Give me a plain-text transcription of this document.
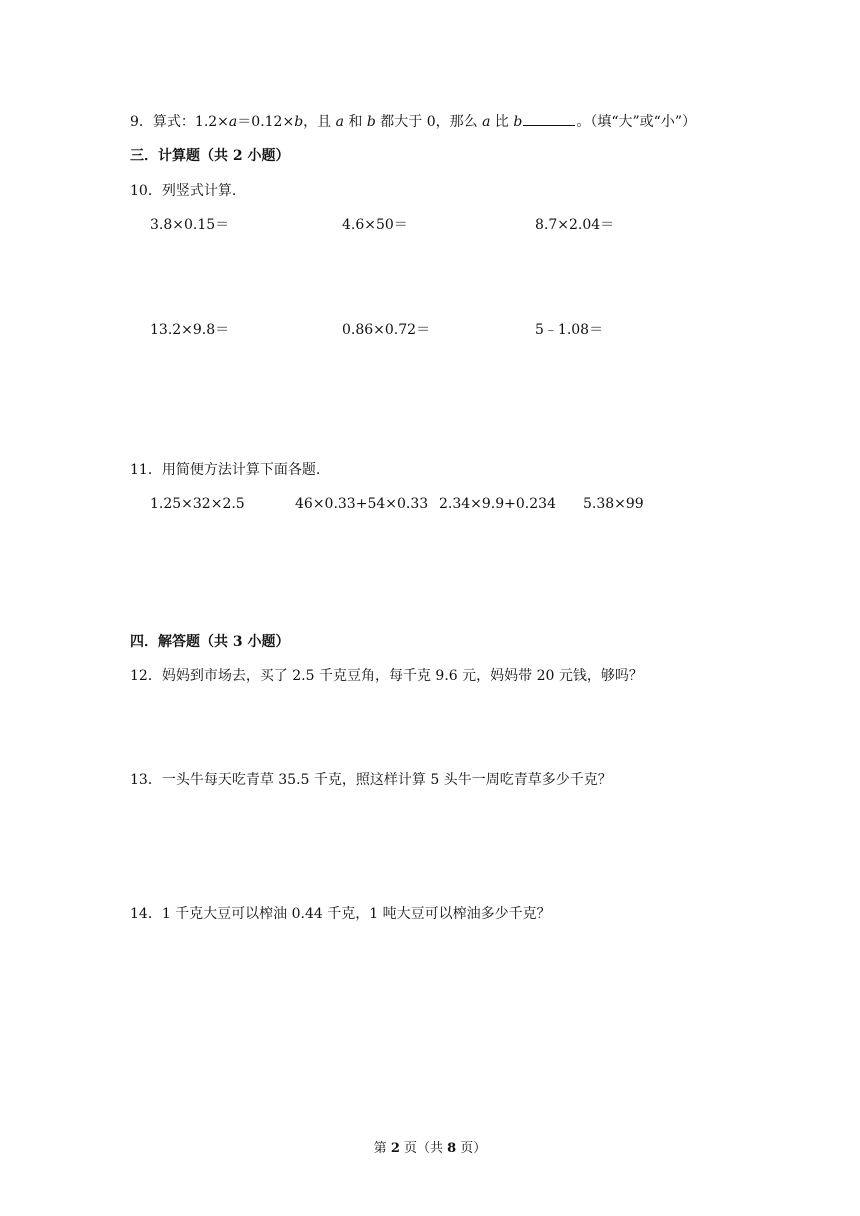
9．算式：1.2×a＝0.12×b，且 a 和 b 都大于 0，那么 a 比 b	。（填“大”或“小”）
三．计算题（共 2 小题）
10．列竖式计算.
3.8×0.15＝	4.6×50＝	8.7×2.04＝
13.2×9.8＝	0.86×0.72＝	5﹣1.08＝
11．用简便方法计算下面各题.
1.25×32×2.5	46×0.33+54×0.33 2.34×9.9+0.234 5.38×99
四．解答题（共 3 小题）
12．妈妈到市场去，买了 2.5 千克豆角，每千克 9.6 元，妈妈带 20 元钱，够吗？
13．一头牛每天吃青草 35.5 千克，照这样计算 5 头牛一周吃青草多少千克？
14．1 千克大豆可以榨油 0.44 千克，1 吨大豆可以榨油多少千克？
第 2 页（共 8 页）
